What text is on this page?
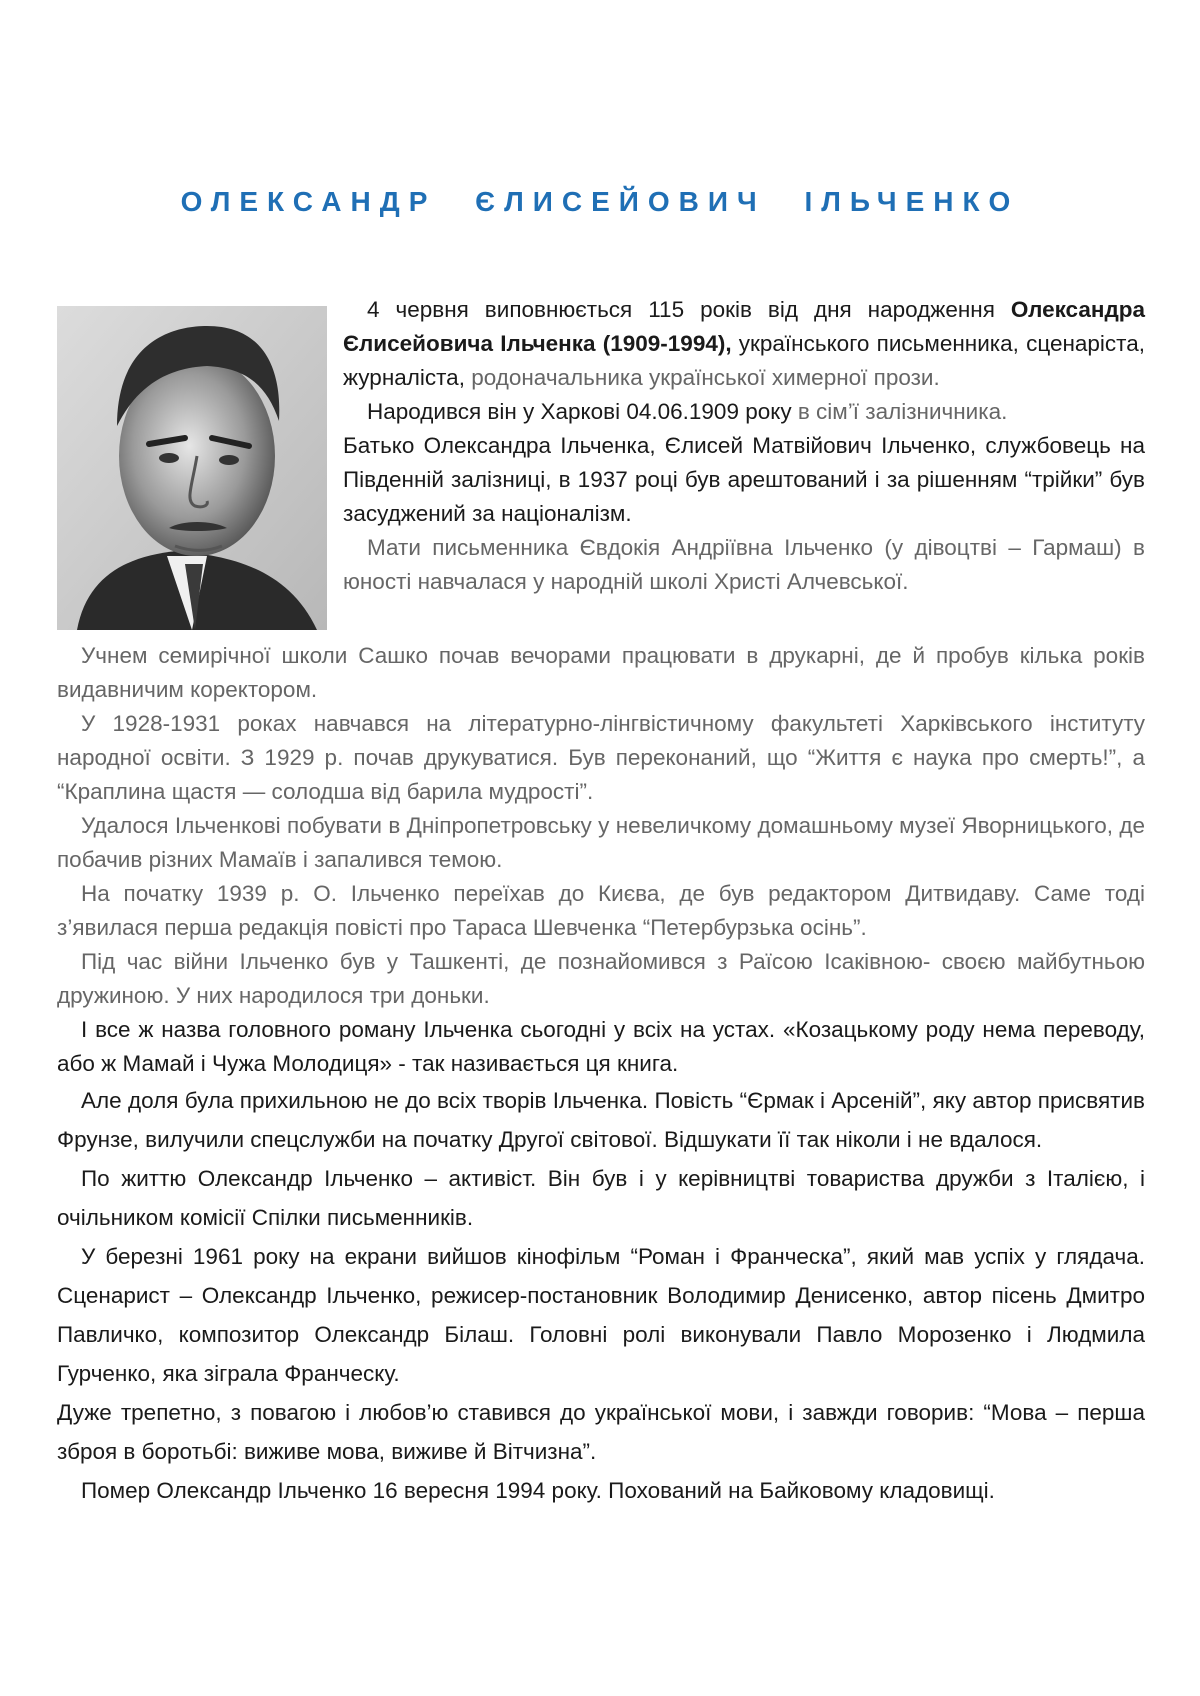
ОЛЕКСАНДР ЄЛИСЕЙОВИЧ ІЛЬЧЕНКО

4 червня виповнюється 115 років від дня народження Олександра Єлисейовича Ільченка (1909-1994), українського письменника, сценаріста, журналіста, родоначальника української химерної прози.

Народився він у Харкові 04.06.1909 року в сім’ї залізничника.

Батько Олександра Ільченка, Єлисей Матвійович Ільченко, службовець на Південній залізниці, в 1937 році був арештований і за рішенням “трійки” був засуджений за націоналізм.

Мати письменника Євдокія Андріївна Ільченко (у дівоцтві – Гармаш) в юності навчалася у народній школі Христі Алчевської.

Учнем семирічної школи Сашко почав вечорами працювати в друкарні, де й пробув кілька років видавничим коректором.

У 1928-1931 роках навчався на літературно-лінгвістичному факультеті Харківського інституту народної освіти. З 1929 р. почав друкуватися. Був переконаний, що “Життя є наука про смерть!”, а “Краплина щастя — солодша від барила мудрості”.

Удалося Ільченкові побувати в Дніпропетровську у невеличкому домашньому музеї Яворницького, де побачив різних Мамаїв і запалився темою.

На початку 1939 р. О. Ільченко переїхав до Києва, де був редактором Дитвидаву. Саме тоді з’явилася перша редакція повісті про Тараса Шевченка “Петербурзька осінь”.

Під час війни Ільченко був у Ташкенті, де познайомився з Раїсою Ісаківною- своєю майбутньою дружиною. У них народилося три доньки.

І все ж назва головного роману Ільченка сьогодні у всіх на устах. «Козацькому роду нема переводу, або ж Мамай і Чужа Молодиця» - так називається ця книга.

Але доля була прихильною не до всіх творів Ільченка. Повість “Єрмак і Арсеній”, яку автор присвятив Фрунзе, вилучили спецслужби на початку Другої світової. Відшукати її так ніколи і не вдалося.

По життю Олександр Ільченко – активіст. Він був і у керівництві товариства дружби з Італією, і очільником комісії Спілки письменників.

У березні 1961 року на екрани вийшов кінофільм “Роман і Франческа”, який мав успіх у глядача. Сценарист – Олександр Ільченко, режисер-постановник Володимир Денисенко, автор пісень Дмитро Павличко, композитор Олександр Білаш. Головні ролі виконували Павло Морозенко і Людмила Гурченко, яка зіграла Франческу.

Дуже трепетно, з повагою і любов’ю ставився до української мови, і завжди говорив: “Мова – перша зброя в боротьбі: виживе мова, виживе й Вітчизна”.

Помер Олександр Ільченко 16 вересня 1994 року. Похований на Байковому кладовищі.
